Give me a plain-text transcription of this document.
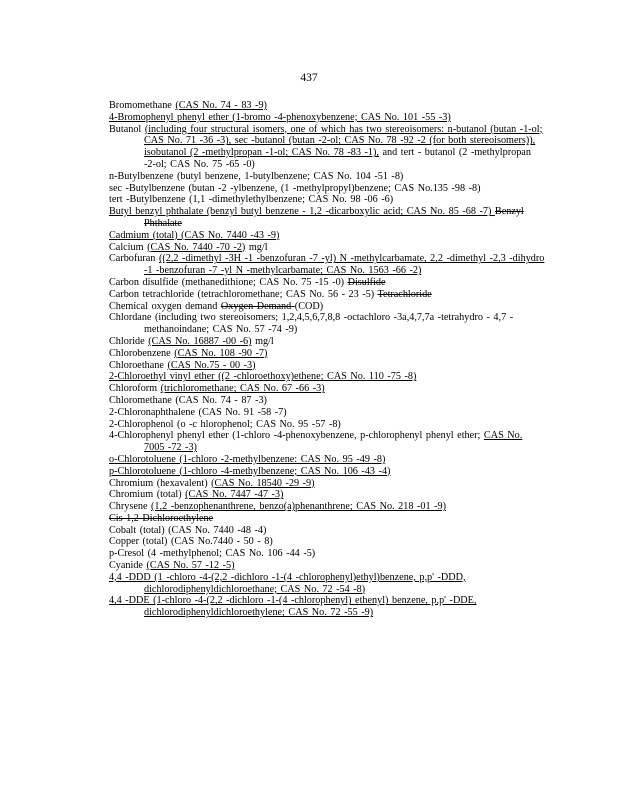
437

Bromomethane (CAS No. 74 - 83 -9)

4-Bromophenyl phenyl ether (1-bromo -4-phenoxybenzene; CAS No. 101 -55 -3)

Butanol (including four structural isomers, one of which has two stereoisomers: n-butanol (butan -1-ol; CAS No. 71 -36 -3), sec -butanol (butan -2-ol; CAS No. 78 -92 -2 (for both stereoisomers)), isobutanol (2 -methylpropan -1-ol; CAS No. 78 -83 -1), and tert - butanol (2 -methylpropan -2-ol; CAS No. 75 -65 -0)

n-Butylbenzene (butyl benzene, 1-butylbenzene; CAS No. 104 -51 -8)

sec -Butylbenzene (butan -2 -ylbenzene, (1 -methylpropyl)benzene; CAS No.135 -98 -8)

tert -Butylbenzene (1,1 -dimethylethylbenzene; CAS No. 98 -06 -6)

Butyl benzyl phthalate (benzyl butyl benzene - 1,2 -dicarboxylic acid; CAS No. 85 -68 -7) Benzyl Phthalate

Cadmium (total) (CAS No. 7440 -43 -9)

Calcium (CAS No. 7440 -70 -2) mg/l

Carbofuran ((2,2 -dimethyl -3H -1 -benzofuran -7 -yl) N -methylcarbamate, 2,2 -dimethyl -2,3 -dihydro -1 -benzofuran -7 -yl N -methylcarbamate; CAS No. 1563 -66 -2)

Carbon disulfide (methanedithione; CAS No. 75 -15 -0) Disulfide

Carbon tetrachloride (tetrachloromethane; CAS No. 56 - 23 -5) Tetrachloride

Chemical oxygen demand Oxygen Demand (COD)

Chlordane (including two stereoisomers; 1,2,4,5,6,7,8,8 -octachloro -3a,4,7,7a -tetrahydro - 4,7 -methanoindane; CAS No. 57 -74 -9)

Chloride (CAS No. 16887 -00 -6) mg/l

Chlorobenzene (CAS No. 108 -90 -7)

Chloroethane (CAS No.75 - 00 -3)

2-Chloroethyl vinyl ether ((2 -chloroethoxy)ethene; CAS No. 110 -75 -8)

Chloroform (trichloromethane; CAS No. 67 -66 -3)

Chloromethane (CAS No. 74 - 87 -3)

2-Chloronaphthalene (CAS No. 91 -58 -7)

2-Chlorophenol (o -c hlorophenol; CAS No. 95 -57 -8)

4-Chlorophenyl phenyl ether (1-chloro -4-phenoxybenzene, p-chlorophenyl phenyl ether; CAS No. 7005 -72 -3)

o-Chlorotoluene (1-chloro -2-methylbenzene: CAS No. 95 -49 -8)

p-Chlorotoluene (1-chloro -4-methylbenzene; CAS No. 106 -43 -4)

Chromium (hexavalent) (CAS No. 18540 -29 -9)

Chromium (total) (CAS No. 7447 -47 -3)

Chrysene (1,2 -benzophenanthrene, benzo(a)phenanthrene; CAS No. 218 -01 -9)

Cis 1,2 Dichloroethylene

Cobalt (total) (CAS No. 7440 -48 -4)

Copper (total) (CAS No.7440 - 50 - 8)

p-Cresol (4 -methylphenol; CAS No. 106 -44 -5)

Cyanide (CAS No. 57 -12 -5)

4,4 -DDD (1 -chloro -4-(2,2 -dichloro -1-(4 -chlorophenyl)ethyl)benzene, p,p' -DDD, dichlorodiphenyldichloroethane; CAS No. 72 -54 -8)

4,4 -DDE (1-chloro -4-(2,2 -dichloro -1-(4 -chlorophenyl) ethenyl) benzene, p,p' -DDE, dichlorodiphenyldichloroethylene; CAS No. 72 -55 -9)
